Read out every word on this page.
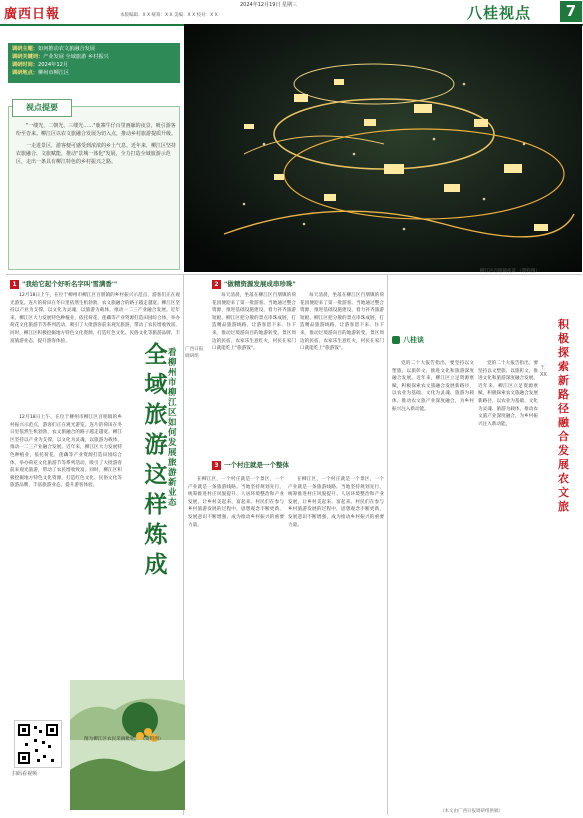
廣西日報	本版编辑：X X 统筹：X X 美编：X X 校对：X X
2024年12月19日 星期三	八桂视点	7
调研主题：如何推动农文旅融合发展
调研关键词：产业发展 全域旅游 乡村振兴
调研时间：2024年12月
调研地点：柳州市柳江区
视点提要
"一缕光，二朝光，三缕光……"鹿寨牛仔百里画廊的夜景，吸引游客纷至沓来。柳江区以农文旅融合发展为切入点，推动乡村旅游提质升级。
一走进景区，游客便可感受到浓浓的乡土气息。近年来，柳江区坚持农旅融合、文旅赋能，推动"景城一体化"发展，全力打造全域旅游示范区，走出一条具有柳江特色的乡村振兴之路。
柳江区百朋镇夜景 （资料图）
1 "我给它起个好听名字叫'雪满香'"
12月18日上午，在位于柳州市柳江区百朋镇的乡村振兴示范点，游客们正在观光游览。连片的荷田在冬日里依然生机勃勃，农文旅融合的路子越走越宽。柳江区坚持以产业为支撑，以文化为灵魂，以旅游为载体，推动一二三产业融合发展。近年来，柳江区大力发展特色种植业，依托荷花、莲藕等产业资源打造田园综合体，举办荷花文化旅游节等系列活动，吸引了大批游客前来观光旅游，带动了农民增收致富。同时，柳江区积极挖掘地方特色文化资源，打造红色文化、民俗文化等旅游品牌，丰富旅游业态，提升游客体验。
12月18日上午，在位于柳州市柳江区百朋镇的乡村振兴示范点，游客们正在观光游览。连片的荷田在冬日里依然生机勃勃，农文旅融合的路子越走越宽。柳江区坚持以产业为支撑，以文化为灵魂，以旅游为载体，推动一二三产业融合发展。近年来，柳江区大力发展特色种植业，依托荷花、莲藕等产业资源打造田园综合体，举办荷花文化旅游节等系列活动，吸引了大批游客前来观光旅游，带动了农民增收致富。同时，柳江区积极挖掘地方特色文化资源，打造红色文化、民俗文化等旅游品牌，丰富旅游业态，提升游客体验。
全
域
旅
游
这
样
炼
成
看柳州市柳江区如何发展旅游新业态
扫码看视频
图为柳江区农民采摘枇杷。 （资料图）
广西日报调研组
2 "做精资源发展成串珍珠"
每天清晨，坐落在柳江区百朋镇的荷花园便迎来了第一批游客。当地通过整合资源，推进基础设施建设，着力补齐旅游短板。柳江区把分散的景点串珠成链，打造精品旅游线路，让游客留下来、住下来，推动过境游向目的地游转变。景区周边的民宿、农家乐生意红火，村民在家门口就能吃上"旅游饭"。
每天清晨，坐落在柳江区百朋镇的荷花园便迎来了第一批游客。当地通过整合资源，推进基础设施建设，着力补齐旅游短板。柳江区把分散的景点串珠成链，打造精品旅游线路，让游客留下来、住下来，推动过境游向目的地游转变。景区周边的民宿、农家乐生意红火，村民在家门口就能吃上"旅游饭"。
3 一个村庄就是一个整体
在柳江区，一个村庄就是一个景区，一个产业就是一条旅游线路。当地坚持规划先行，统筹推进村庄风貌提升、人居环境整治和产业发展，让乡村美起来、富起来。村民们在参与乡村旅游发展的过程中，思想观念不断更新，发展意识不断增强，成为推动乡村振兴的重要力量。
在柳江区，一个村庄就是一个景区，一个产业就是一条旅游线路。当地坚持规划先行，统筹推进村庄风貌提升、人居环境整治和产业发展，让乡村美起来、富起来。村民们在参与乡村旅游发展的过程中，思想观念不断更新，发展意识不断增强，成为推动乡村振兴的重要力量。
八桂谈
积极探索新路径 融合发展农文旅
王XX
党的二十大报告指出，要坚持以文塑旅、以旅彰文，推进文化和旅游深度融合发展。近年来，柳江区立足资源禀赋，积极探索农文旅融合发展新路径，以农业为基础、文化为灵魂、旅游为载体，推动农文旅产业深度融合，为乡村振兴注入新动能。
党的二十大报告指出，要坚持以文塑旅、以旅彰文，推进文化和旅游深度融合发展。近年来，柳江区立足资源禀赋，积极探索农文旅融合发展新路径，以农业为基础、文化为灵魂、旅游为载体，推动农文旅产业深度融合，为乡村振兴注入新动能。
（本文由广西日报调研组供稿）
